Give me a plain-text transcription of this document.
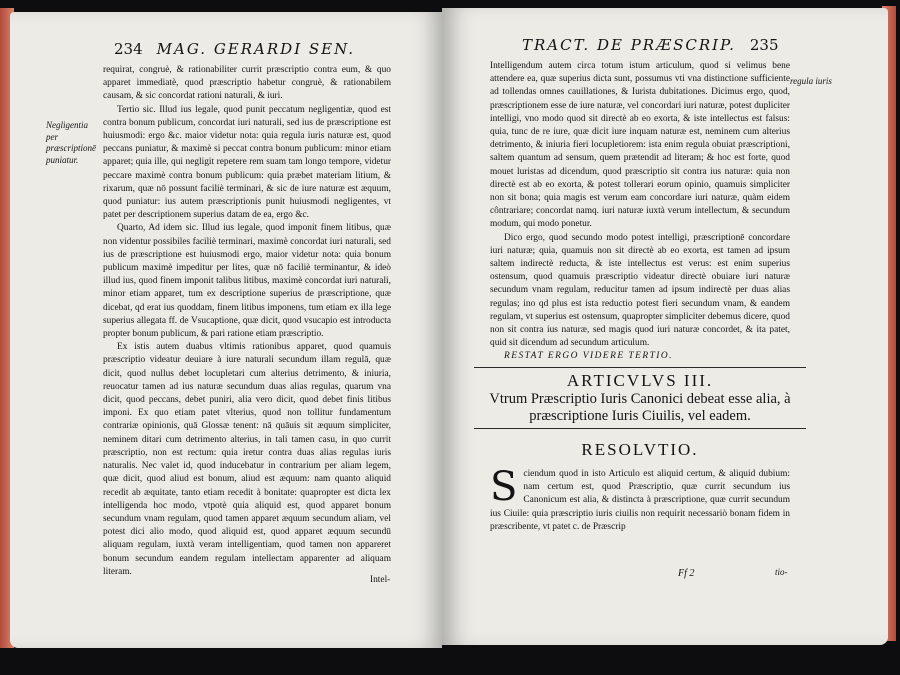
234 MAG. GERARDI SEN.
Negligentia per præscriptionē puniatur.

requirat, congruè, & rationabiliter currit præscriptio contra eum, & quo apparet immediatè, quod præscriptio habetur congruè, & rationabilem causam, & sic concordat rationi naturali, & iuri.

Tertio sic. Illud ius legale, quod punit peccatum negligentiæ, quod est contra bonum publicum, concordat iuri naturali, sed ius de præscriptione est huiusmodi: ergo &c. maior videtur nota: quia regula iuris naturæ est, quod peccans puniatur, & maximè si peccat contra bonum publicum: minor etiam apparet; quia ille, qui negligit repetere rem suam tam longo tempore, videtur peccare maximè contra bonum publicum: quia præbet materiam litium, & rixarum, quæ nō possunt faciliè terminari, & sic de iure naturæ est æquum, quod puniatur: ius autem præscriptionis punit huiusmodi negligentes, vt patet per descriptionem superius datam de ea, ergo &c.

Quarto, Ad idem sic. Illud ius legale, quod imponit finem litibus, quæ non videntur possibiles faciliè terminari, maximè concordat iuri naturali, sed ius de præscriptione est huiusmodi ergo, maior videtur nota: quia bonum publicum maximè impeditur per lites, quæ nō faciliè terminantur, & ideò illud ius, quod finem imponit talibus litibus, maximè concordat iuri naturali, minor etiam apparet, tum ex descriptione superius de præscriptione, quæ dicebat, qd erat ius quoddam, finem litibus imponens, tum etiam ex illa lege superius allegata ff. de Vsucaptione, quæ dicit, quod vsucapio est introducta propter bonum publicum, & pari ratione etiam præscriptio.

Ex istis autem duabus vltimis rationibus apparet, quod quamuis præscriptio videatur deuiare à iure naturali secundum illam regulā, quæ dicit, quod nullus debet locupletari cum alterius detrimento, & iniuria, reuocatur tamen ad ius naturæ secundum duas alias regulas, quarum vna dicit, quod peccans, debet puniri, alia vero dicit, quod debet finis litibus imponi. Ex quo etiam patet vlterius, quod non tollitur fundamentum contrariæ opinionis, quā Glossæ tenent: nā quāuis sit æquum simpliciter, neminem ditari cum detrimento alterius, in tali tamen casu, in quo currit præscriptio, non est rectum: quia iretur contra duas alias regulas iuris naturalis. Nec valet id, quod inducebatur in contrarium per aliam legem, quæ dicit, quod aliud est bonum, aliud est æquum: nam quanto aliquid recedit ab æquitate, tanto etiam recedit à bonitate: quapropter est dicta lex intelligenda hoc modo, vtpotè quia aliquid est, quod apparet bonum secundum vnam regulam, quod tamen apparet æquum secundum aliam, vel potest dici alio modo, quod aliquid est, quod apparet æquum secundū aliquam regulam, iuxtà veram intelligentiam, quod tamen non appareret bonum secundum eandem regulam intellectam apparenter ad aliquam literam.

Intel-
TRACT. DE PRÆSCRIP. 235
regula iuris

Intelligendum autem circa totum istum articulum, quod si velimus bene attendere ea, quæ superius dicta sunt, possumus vti vna distinctione sufficiente ad tollendas omnes cauillationes, & Iurista dubitationes. Dicimus ergo, quod, præscriptionem esse de iure naturæ, vel concordari iuri naturæ, potest dupliciter intelligi, vno modo quod sit directè ab eo exorta, & iste intellectus est falsus: quia, tunc de re iure, quæ dicit iure inquam naturæ est, neminem cum alterius detrimento, & iniuria fieri locupletiorem: ista enim regula obuiat præscriptioni, saltem quantum ad sensum, quem prætendit ad literam; & hoc est forte, quod mouet luristas ad dicendum, quod præscriptio sit contra ius naturæ: quia non directè est ab eo exorta, & potest tollerari eorum opinio, quamuis simpliciter non sit bona; quia magis est verum eam concordare iuri naturæ, quàm eidem côntrariare; concordat namq. iuri naturæ iuxtà verum intellectum, & secundum modum, qui modo ponetur.

Dico ergo, quod secundo modo potest intelligi, præscriptionē concordare iuri naturæ; quia, quamuis non sit directè ab eo exorta, est tamen ad ipsum saltem indirectè reducta, & iste intellectus est verus: est enim superius ostensum, quod quamuis præscriptio videatur directè obuiare iuri naturæ secundum vnam regulam, reducitur tamen ad ipsum indirectè per duas alias regulas; ino qd plus est ista reductio potest fieri secundum vnam, & eandem regulam, vt superius est ostensum, quapropter simpliciter debemus dicere, quod non sit contra ius naturæ, sed magis quod iuri naturæ concordet, & ita patet, quid sit dicendum ad secundum articulum.

RESTAT ERGO VIDERE TERTIO.

ARTICVLVS III.
Vtrum Præscriptio Iuris Canonici debeat esse alia, à præscriptione Iuris Ciuilis, vel eadem.
RESOLVTIO.
S ciendum quod in isto Articulo est aliquid certum, & aliquid dubium: nam certum est, quod Præscriptio, quæ currit secundum ius Canonicum est alia, & distincta à præscriptione, quæ currit secundum ius Ciuile: quia præscriptio iuris ciuilis non requirit necessariò bonam fidem in præscribente, vt patet c. de Præscrip
Ff 2	tio-
